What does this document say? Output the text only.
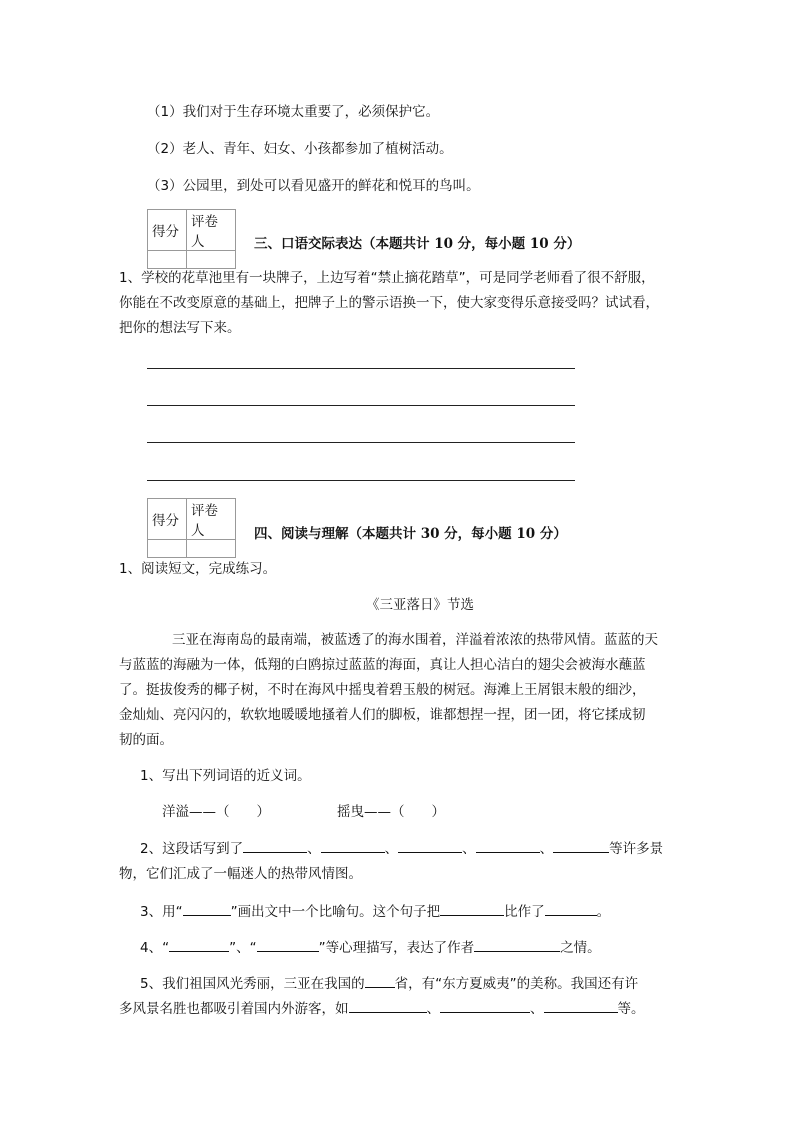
（1）我们对于生存环境太重要了，必须保护它。
（2）老人、青年、妇女、小孩都参加了植树活动。
（3）公园里，到处可以看见盛开的鲜花和悦耳的鸟叫。
得分	评卷人
		三、口语交际表达（本题共计 10 分，每小题 10 分）
1、学校的花草池里有一块牌子，上边写着“禁止摘花踏草”，可是同学老师看了很不舒服，
你能在不改变原意的基础上，把牌子上的警示语换一下，使大家变得乐意接受吗？试试看，
把你的想法写下来。
得分	评卷人
		四、阅读与理解（本题共计 30 分，每小题 10 分）
1、阅读短文，完成练习。
《三亚落日》节选
三亚在海南岛的最南端，被蓝透了的海水围着，洋溢着浓浓的热带风情。蓝蓝的天
与蓝蓝的海融为一体，低翔的白鸥掠过蓝蓝的海面，真让人担心洁白的翅尖会被海水蘸蓝
了。挺拔俊秀的椰子树，不时在海风中摇曳着碧玉般的树冠。海滩上王屑银末般的细沙，
金灿灿、亮闪闪的，软软地暖暖地搔着人们的脚板，谁都想捏一捏，团一团，将它揉成韧
韧的面。
1、写出下列词语的近义词。
洋溢——（　　）	摇曳——（　　）
2、这段话写到了	、	、	、	、	等许多景
物，它们汇成了一幅迷人的热带风情图。
3、用“	”画出文中一个比喻句。这个句子把	比作了	。
4、“	”、“	”等心理描写，表达了作者	之情。
5、我们祖国风光秀丽，三亚在我国的 省，有“东方夏威夷”的美称。我国还有许
多风景名胜也都吸引着国内外游客，如	、	、	等。
